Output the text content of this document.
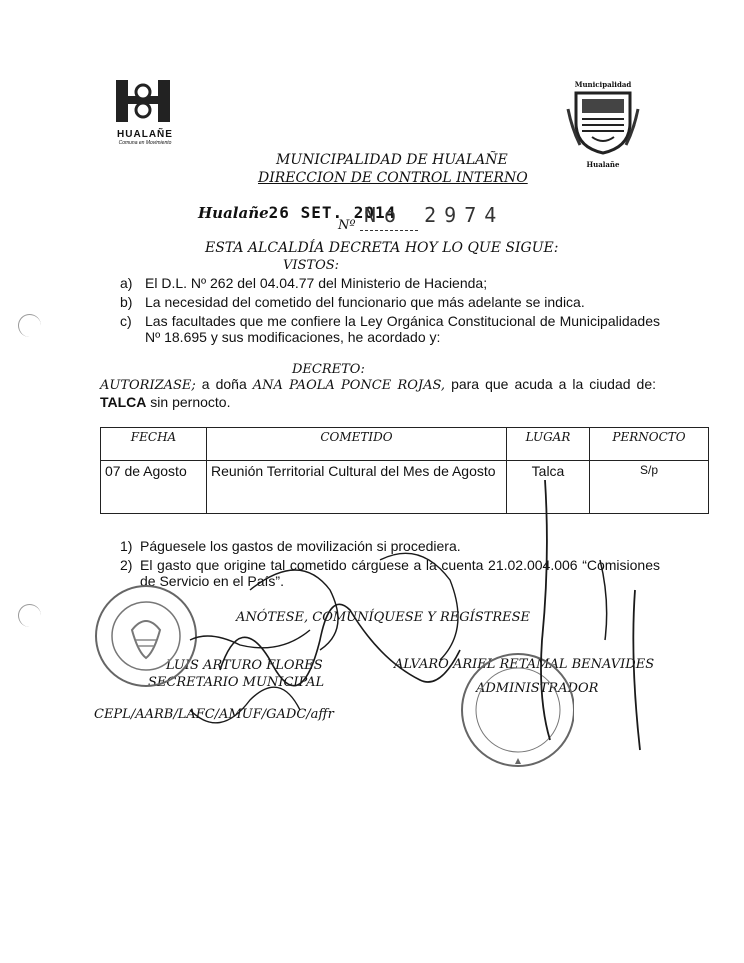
HUALAÑE
Comuna en Movimiento
Municipalidad
Hualañe
MUNICIPALIDAD DE HUALAÑE
DIRECCION DE CONTROL INTERNO
Hualañe26 SET. 2014
No 2974
Nº
ESTA ALCALDÍA DECRETA HOY LO QUE SIGUE:
VISTOS:
a) El D.L. Nº 262 del 04.04.77 del Ministerio de Hacienda;
b) La necesidad del cometido del funcionario que más adelante se indica.
c) Las facultades que me confiere la Ley Orgánica Constitucional de Municipalidades Nº 18.695 y sus modificaciones, he acordado y:
DECRETO:
AUTORIZASE; a doña ANA PAOLA PONCE ROJAS, para que acuda a la ciudad de: TALCA sin pernocto.
FECHA	COMETIDO	LUGAR	PERNOCTO
07 de Agosto	Reunión Territorial Cultural del Mes de Agosto	Talca	S/p
1) Páguesele los gastos de movilización si procediera.
2) El gasto que origine tal cometido cárguese a la cuenta 21.02.004.006 “Comisiones de Servicio en el País”.
ANÓTESE, COMUNÍQUESE Y REGÍSTRESE
LUIS ARTURO FLORES
SECRETARIO MUNICIPAL
ALVARO ARIEL RETAMAL BENAVIDES
ADMINISTRADOR
CEPL/AARB/LAFC/AMUF/GADC/affr
